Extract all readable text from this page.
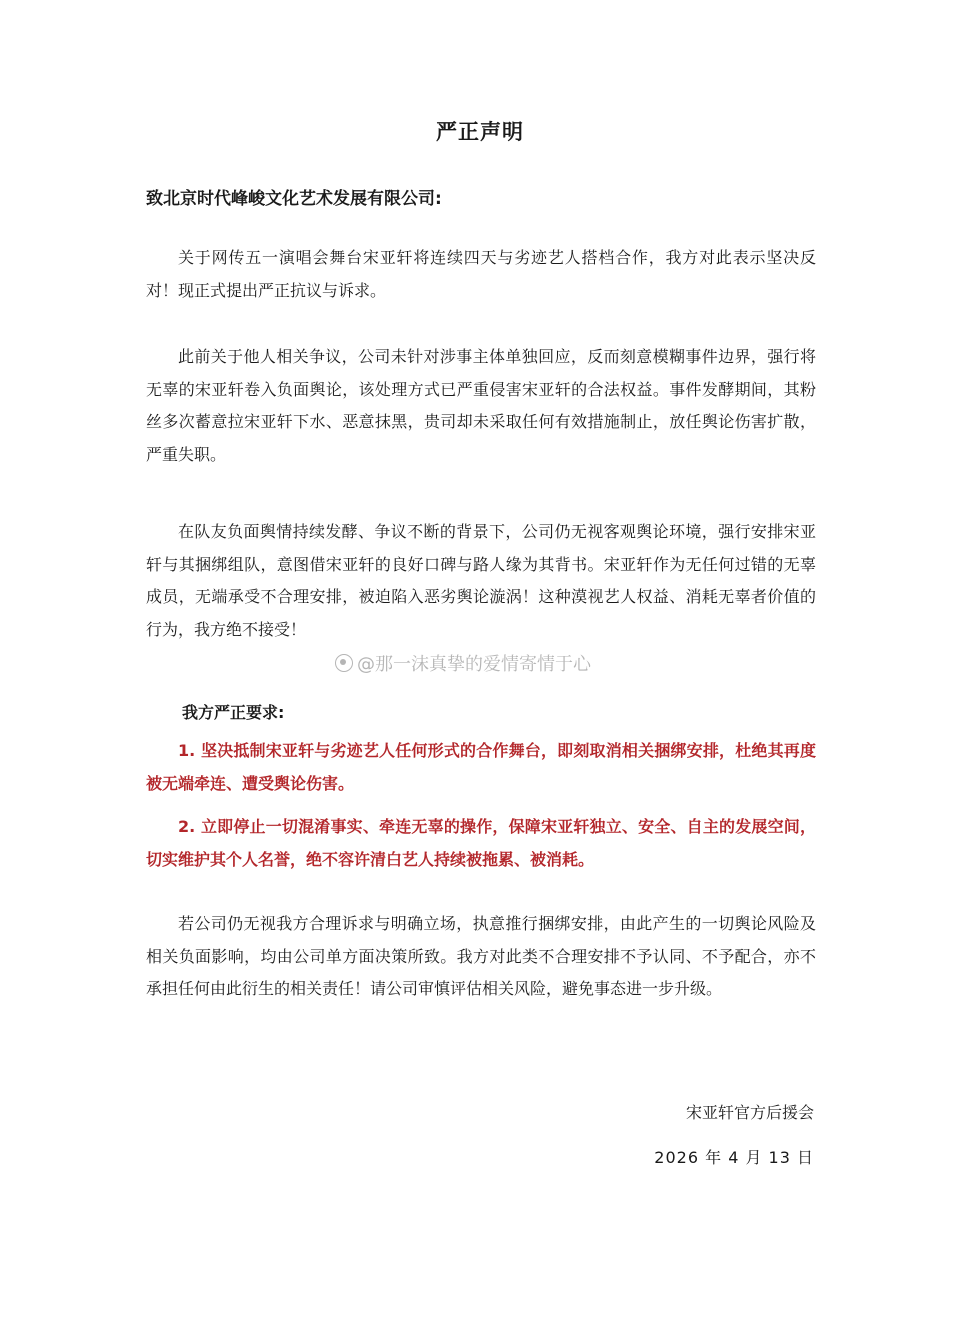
严正声明
致北京时代峰峻文化艺术发展有限公司:

关于网传五一演唱会舞台宋亚轩将连续四天与劣迹艺人搭档合作，我方对此表示坚决反对！现正式提出严正抗议与诉求。

此前关于他人相关争议，公司未针对涉事主体单独回应，反而刻意模糊事件边界，强行将无辜的宋亚轩卷入负面舆论，该处理方式已严重侵害宋亚轩的合法权益。事件发酵期间，其粉丝多次蓄意拉宋亚轩下水、恶意抹黑，贵司却未采取任何有效措施制止，放任舆论伤害扩散，严重失职。

在队友负面舆情持续发酵、争议不断的背景下，公司仍无视客观舆论环境，强行安排宋亚轩与其捆绑组队，意图借宋亚轩的良好口碑与路人缘为其背书。宋亚轩作为无任何过错的无辜成员，无端承受不合理安排，被迫陷入恶劣舆论漩涡！这种漠视艺人权益、消耗无辜者价值的行为，我方绝不接受！

@那一沫真挚的爱情寄情于心
我方严正要求:

1. 坚决抵制宋亚轩与劣迹艺人任何形式的合作舞台，即刻取消相关捆绑安排，杜绝其再度被无端牵连、遭受舆论伤害。

2. 立即停止一切混淆事实、牵连无辜的操作，保障宋亚轩独立、安全、自主的发展空间，切实维护其个人名誉，绝不容许清白艺人持续被拖累、被消耗。

若公司仍无视我方合理诉求与明确立场，执意推行捆绑安排，由此产生的一切舆论风险及相关负面影响，均由公司单方面决策所致。我方对此类不合理安排不予认同、不予配合，亦不承担任何由此衍生的相关责任！请公司审慎评估相关风险，避免事态进一步升级。

宋亚轩官方后援会
2026 年 4 月 13 日
